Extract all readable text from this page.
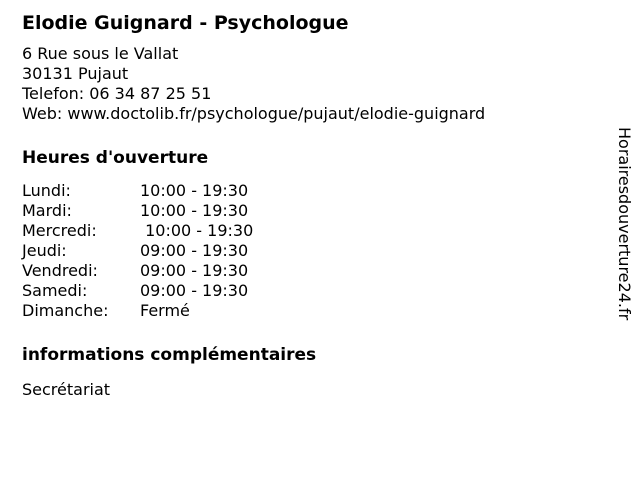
Elodie Guignard - Psychologue
6 Rue sous le Vallat
30131 Pujaut
Telefon: 06 34 87 25 51
Web: www.doctolib.fr/psychologue/pujaut/elodie-guignard
Heures d'ouverture
Lundi:	10:00 - 19:30
Mardi:	10:00 - 19:30
Mercredi:	10:00 - 19:30
Jeudi:	09:00 - 19:30
Vendredi:	09:00 - 19:30
Samedi:	09:00 - 19:30
Dimanche: Fermé
informations complémentaires
Secrétariat
Horairesdouverture24.fr
